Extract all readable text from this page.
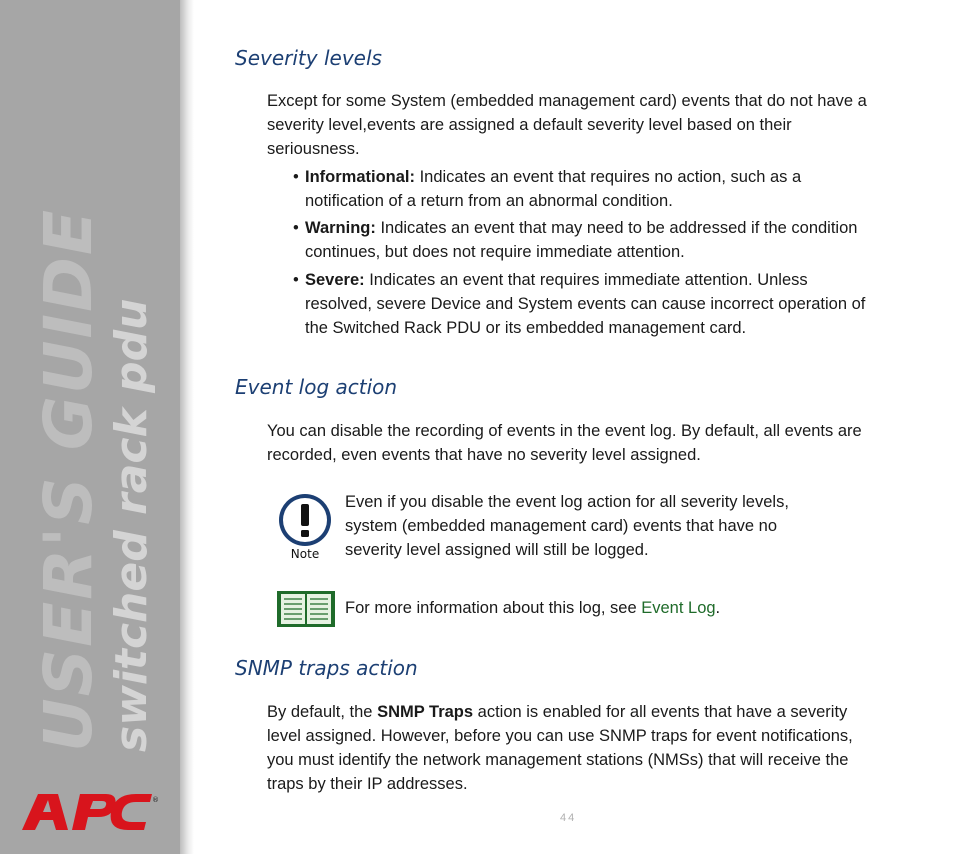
USER'S GUIDE switched rack pdu
®
Severity levels

Except for some System (embedded management card) events that do not have a severity level,events are assigned a default severity level based on their seriousness.

• Informational: Indicates an event that requires no action, such as a notification of a return from an abnormal condition.
• Warning: Indicates an event that may need to be addressed if the condition continues, but does not require immediate attention.
• Severe: Indicates an event that requires immediate attention. Unless resolved, severe Device and System events can cause incorrect operation of the Switched Rack PDU or its embedded management card.
Event log action

You can disable the recording of events in the event log. By default, all events are recorded, even events that have no severity level assigned.

Note

Even if you disable the event log action for all severity levels, system (embedded management card) events that have no severity level assigned will still be logged.

For more information about this log, see Event Log.

SNMP traps action

By default, the SNMP Traps action is enabled for all events that have a severity level assigned. However, before you can use SNMP traps for event notifications, you must identify the network management stations (NMSs) that will receive the traps by their IP addresses.

44
